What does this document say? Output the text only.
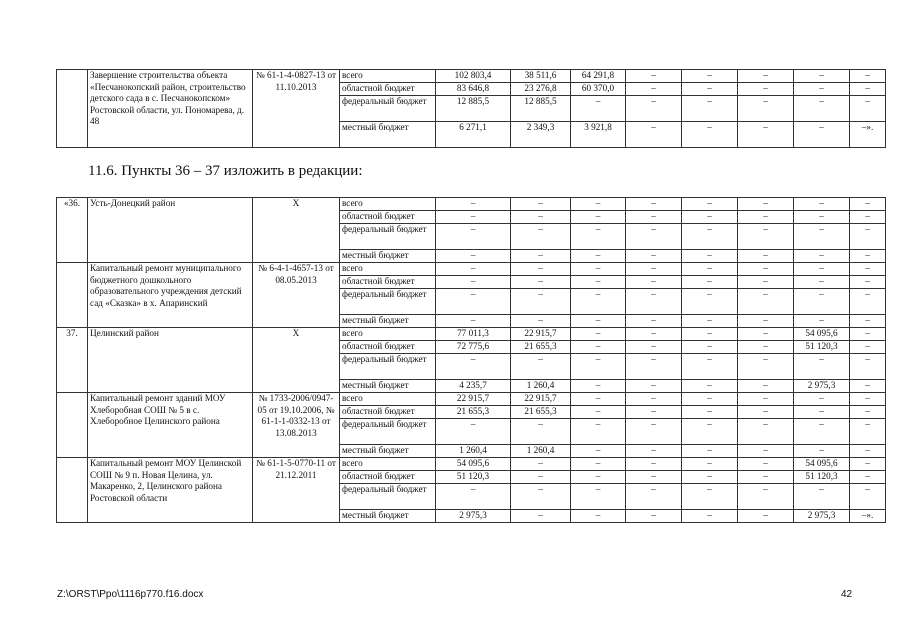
	Завершение строительства объекта «Песчанокопский район, строительство детского сада в с. Песчанокопском» Ростовской области, ул. Пономарева, д. 48	№ 61-1-4-0827-13 от 11.10.2013	всего	102 803,4	38 511,6	64 291,8	–	–	–	–	–
			областной бюджет	83 646,8	23 276,8	60 370,0	–	–	–	–	–
			федеральный бюджет	12 885,5	12 885,5	–	–	–	–	–	–
			местный бюджет	6 271,1	2 349,3	3 921,8	–	–	–	–	–».
11.6. Пункты 36 – 37 изложить в редакции:
«36.	Усть-Донецкий район	Х	всего	–	–	–	–	–	–	–	–
			областной бюджет	–	–	–	–	–	–	–	–
			федеральный бюджет	–	–	–	–	–	–	–	–
			местный бюджет	–	–	–	–	–	–	–	–
	Капитальный ремонт муниципального бюджетного дошкольного образовательного учреждения детский сад «Сказка» в х. Апаринский	№ 6-4-1-4657-13 от 08.05.2013	всего	–	–	–	–	–	–	–	–
			областной бюджет	–	–	–	–	–	–	–	–
			федеральный бюджет	–	–	–	–	–	–	–	–
			местный бюджет	–	–	–	–	–	–	–	–
37.	Целинский район	Х	всего	77 011,3	22 915,7	–	–	–	–	54 095,6	–
			областной бюджет	72 775,6	21 655,3	–	–	–	–	51 120,3	–
			федеральный бюджет	–	–	–	–	–	–	–	–
			местный бюджет	4 235,7	1 260,4	–	–	–	–	2 975,3	–
	Капитальный ремонт зданий МОУ Хлеборобная СОШ № 5 в с. Хлеборобное Целинского района	№ 1733-2006/0947-05 от 19.10.2006, № 61-1-1-0332-13 от 13.08.2013	всего	22 915,7	22 915,7	–	–	–	–	–	–
			областной бюджет	21 655,3	21 655,3	–	–	–	–	–	–
			федеральный бюджет	–	–	–	–	–	–	–	–
			местный бюджет	1 260,4	1 260,4	–	–	–	–	–	–
	Капитальный ремонт МОУ Целинской СОШ № 9 п. Новая Целина, ул. Макаренко, 2, Целинского района Ростовской области	№ 61-1-5-0770-11 от 21.12.2011	всего	54 095,6	–	–	–	–	–	54 095,6	–
			областной бюджет	51 120,3	–	–	–	–	–	51 120,3	–
			федеральный бюджет	–	–	–	–	–	–	–	–
			местный бюджет	2 975,3	–	–	–	–	–	2 975,3	–».
Z:\ORST\Ppo\1116p770.f16.docx	42
